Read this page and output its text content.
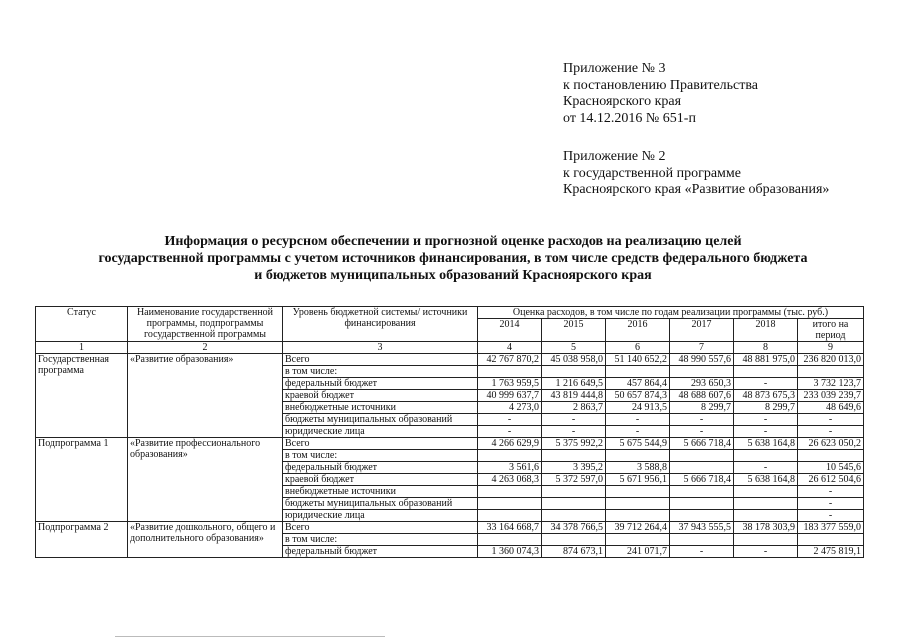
Приложение № 3
к постановлению Правительства
Красноярского края
от 14.12.2016 № 651-п
Приложение № 2
к государственной программе
Красноярского края «Развитие образования»
Информация о ресурсном обеспечении и прогнозной оценке расходов на реализацию целей
государственной программы с учетом источников финансирования, в том числе средств федерального бюджета
и бюджетов муниципальных образований Красноярского края
Статус	Наименование государственной программы, подпрограммы государственной программы	Уровень бюджетной системы/ источники финансирования	Оценка расходов, в том числе по годам реализации программы (тыс. руб.)					
			2014	2015	2016	2017	2018	итого на период
1	2	3	4	5	6	7	8	9
Государственная программа	«Развитие образования»	Всего	42 767 870,2	45 038 958,0	51 140 652,2	48 990 557,6	48 881 975,0	236 820 013,0
		в том числе:						
		федеральный бюджет	1 763 959,5	1 216 649,5	457 864,4	293 650,3	-	3 732 123,7
		краевой бюджет	40 999 637,7	43 819 444,8	50 657 874,3	48 688 607,6	48 873 675,3	233 039 239,7
		внебюджетные источники	4 273,0	2 863,7	24 913,5	8 299,7	8 299,7	48 649,6
		бюджеты муниципальных образований	-	-	-	-	-	-
		юридические лица	-	-	-	-	-	-
Подпрограмма 1	«Развитие профессионального образования»	Всего	4 266 629,9	5 375 992,2	5 675 544,9	5 666 718,4	5 638 164,8	26 623 050,2
		в том числе:						
		федеральный бюджет	3 561,6	3 395,2	3 588,8		-	10 545,6
		краевой бюджет	4 263 068,3	5 372 597,0	5 671 956,1	5 666 718,4	5 638 164,8	26 612 504,6
		внебюджетные источники						-
		бюджеты муниципальных образований						-
		юридические лица						-
Подпрограмма 2	«Развитие дошкольного, общего и дополнительного образования»	Всего	33 164 668,7	34 378 766,5	39 712 264,4	37 943 555,5	38 178 303,9	183 377 559,0
		в том числе:						
		федеральный бюджет	1 360 074,3	874 673,1	241 071,7	-	-	2 475 819,1
